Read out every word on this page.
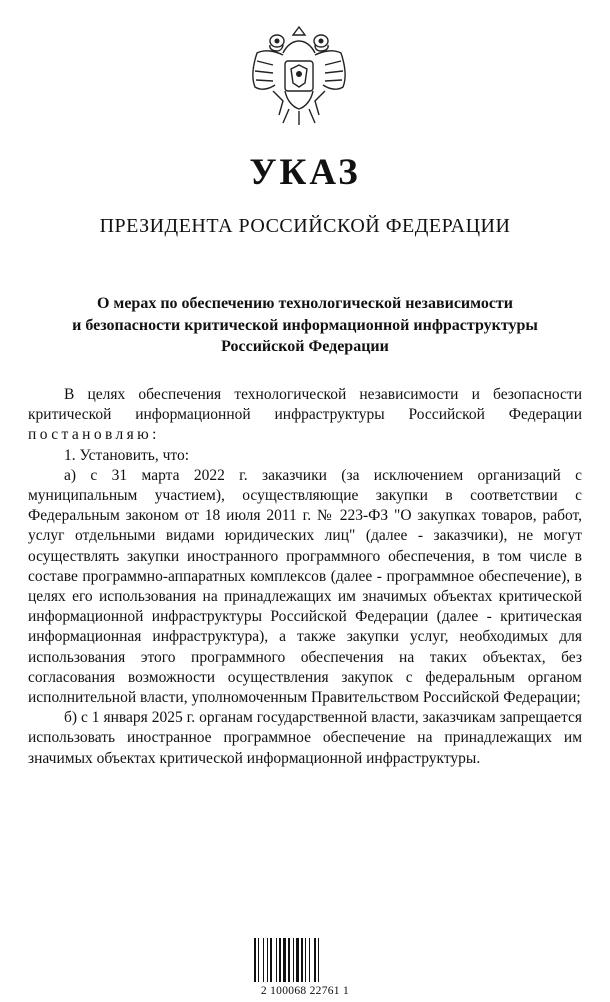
УКАЗ
ПРЕЗИДЕНТА РОССИЙСКОЙ ФЕДЕРАЦИИ
О мерах по обеспечению технологической независимости
и безопасности критической информационной инфраструктуры
Российской Федерации

В целях обеспечения технологической независимости и безопасности критической информационной инфраструктуры Российской Федерации постановляю:

1. Установить, что:

а) с 31 марта 2022 г. заказчики (за исключением организаций с муниципальным участием), осуществляющие закупки в соответствии с Федеральным законом от 18 июля 2011 г. № 223-ФЗ "О закупках товаров, работ, услуг отдельными видами юридических лиц" (далее - заказчики), не могут осуществлять закупки иностранного программного обеспечения, в том числе в составе программно-аппаратных комплексов (далее - программное обеспечение), в целях его использования на принадлежащих им значимых объектах критической информационной инфраструктуры Российской Федерации (далее - критическая информационная инфраструктура), а также закупки услуг, необходимых для использования этого программного обеспечения на таких объектах, без согласования возможности осуществления закупок с федеральным органом исполнительной власти, уполномоченным Правительством Российской Федерации;

б) с 1 января 2025 г. органам государственной власти, заказчикам запрещается использовать иностранное программное обеспечение на принадлежащих им значимых объектах критической информационной инфраструктуры.

2 100068 22761 1
